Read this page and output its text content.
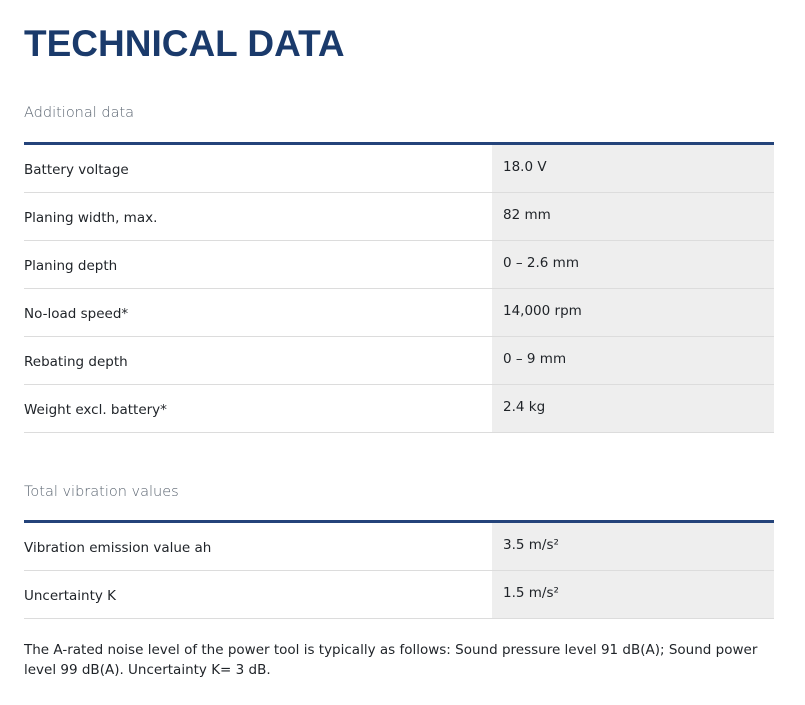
TECHNICAL DATA
Additional data
Battery voltage	18.0 V
Planing width, max.	82 mm
Planing depth	0 – 2.6 mm
No-load speed*	14,000 rpm
Rebating depth	0 – 9 mm
Weight excl. battery*	2.4 kg
Total vibration values
Vibration emission value ah	3.5 m/s²
Uncertainty K	1.5 m/s²

The A-rated noise level of the power tool is typically as follows: Sound pressure level 91 dB(A); Sound power level 99 dB(A). Uncertainty K= 3 dB.
